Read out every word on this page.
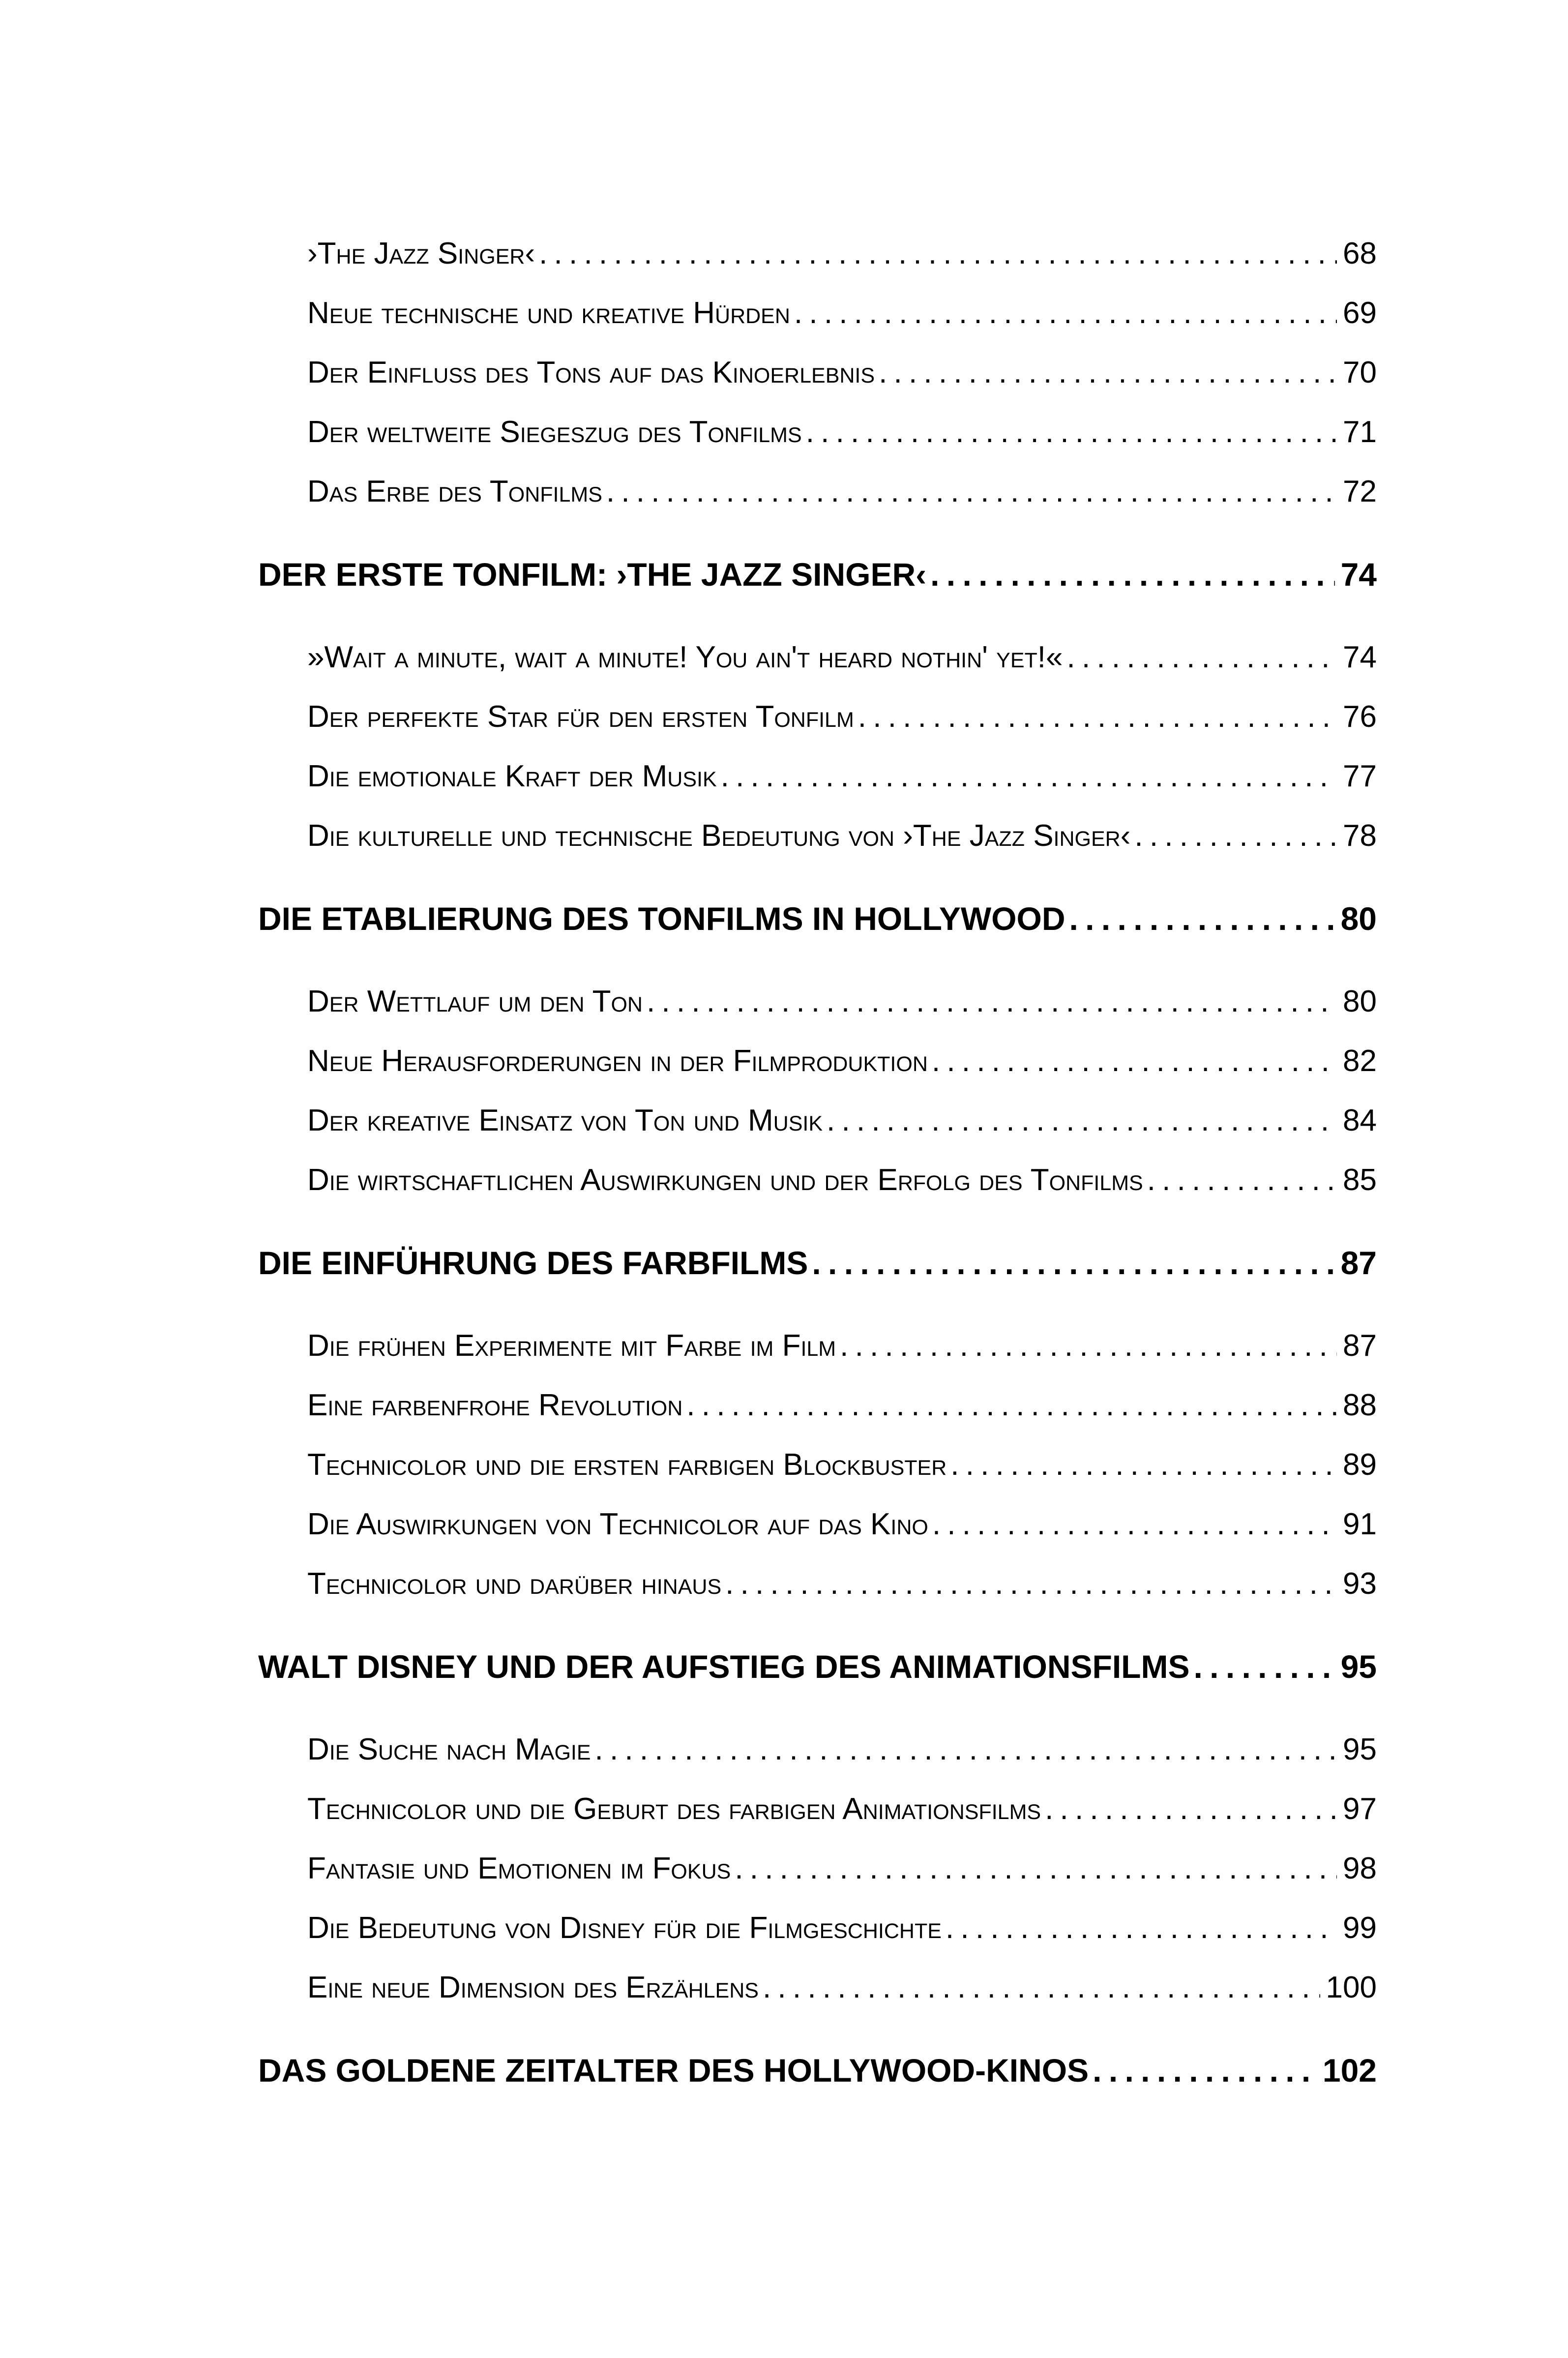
›The Jazz Singer‹ . . .	68
Neue technische und kreative Hürden . . .	69
Der Einfluss des Tons auf das Kinoerlebnis . . .	70
Der weltweite Siegeszug des Tonfilms . . .	71
Das Erbe des Tonfilms . . .	72
DER ERSTE TONFILM: ›THE JAZZ SINGER‹ . . .	74
»Wait a minute, wait a minute! You ain't heard nothin' yet!« . . .	74
Der perfekte Star für den ersten Tonfilm . . .	76
Die emotionale Kraft der Musik . . .	77
Die kulturelle und technische Bedeutung von ›The Jazz Singer‹ . . .	78
DIE ETABLIERUNG DES TONFILMS IN HOLLYWOOD . . .	80
Der Wettlauf um den Ton . . .	80
Neue Herausforderungen in der Filmproduktion . . .	82
Der kreative Einsatz von Ton und Musik . . .	84
Die wirtschaftlichen Auswirkungen und der Erfolg des Tonfilms . . .	85
DIE EINFÜHRUNG DES FARBFILMS . . .	87
Die frühen Experimente mit Farbe im Film . . .	87
Eine farbenfrohe Revolution . . .	88
Technicolor und die ersten farbigen Blockbuster . . .	89
Die Auswirkungen von Technicolor auf das Kino . . .	91
Technicolor und darüber hinaus . . .	93
WALT DISNEY UND DER AUFSTIEG DES ANIMATIONSFILMS . . .	95
Die Suche nach Magie . . .	95
Technicolor und die Geburt des farbigen Animationsfilms . . .	97
Fantasie und Emotionen im Fokus . . .	98
Die Bedeutung von Disney für die Filmgeschichte . . .	99
Eine neue Dimension des Erzählens . . .	100
DAS GOLDENE ZEITALTER DES HOLLYWOOD-KINOS . . .	102
